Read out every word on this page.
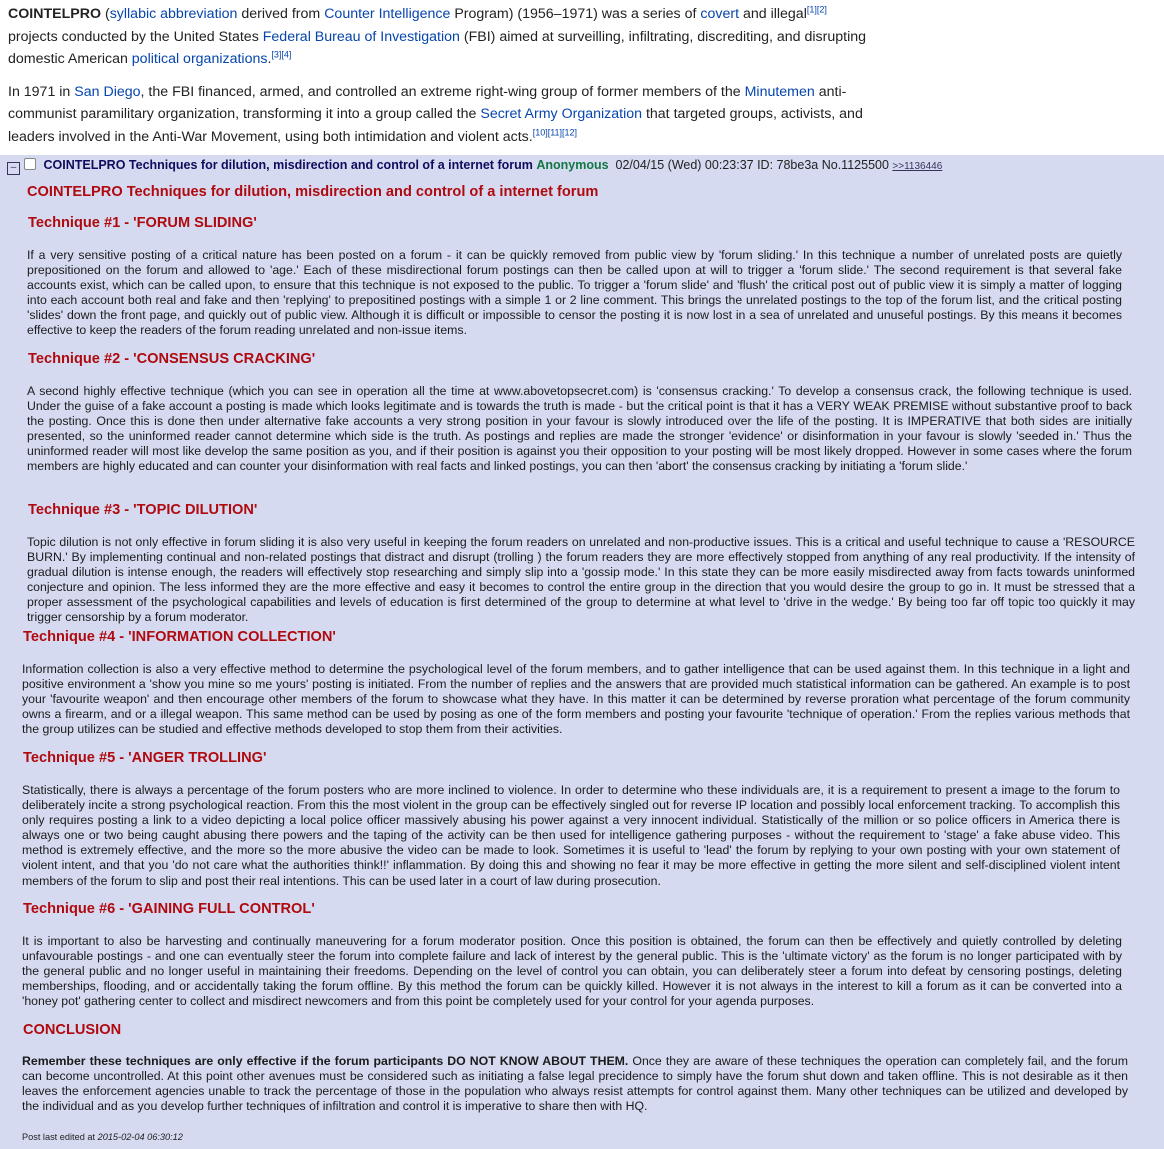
COINTELPRO (syllabic abbreviation derived from Counter Intelligence Program) (1956–1971) was a series of covert and illegal[1][2] projects conducted by the United States Federal Bureau of Investigation (FBI) aimed at surveilling, infiltrating, discrediting, and disrupting domestic American political organizations.[3][4]

In 1971 in San Diego, the FBI financed, armed, and controlled an extreme right-wing group of former members of the Minutemen anti-communist paramilitary organization, transforming it into a group called the Secret Army Organization that targeted groups, activists, and leaders involved in the Anti-War Movement, using both intimidation and violent acts.[10][11][12]

– COINTELPRO Techniques for dilution, misdirection and control of a internet forum Anonymous 02/04/15 (Wed) 00:23:37 ID: 78be3a No.1125500 >>1136446
COINTELPRO Techniques for dilution, misdirection and control of a internet forum
Technique #1 - 'FORUM SLIDING'
If a very sensitive posting of a critical nature has been posted on a forum - it can be quickly removed from public view by 'forum sliding.' In this technique a number of unrelated posts are quietly prepositioned on the forum and allowed to 'age.' Each of these misdirectional forum postings can then be called upon at will to trigger a 'forum slide.' The second requirement is that several fake accounts exist, which can be called upon, to ensure that this technique is not exposed to the public. To trigger a 'forum slide' and 'flush' the critical post out of public view it is simply a matter of logging into each account both real and fake and then 'replying' to prepositined postings with a simple 1 or 2 line comment. This brings the unrelated postings to the top of the forum list, and the critical posting 'slides' down the front page, and quickly out of public view. Although it is difficult or impossible to censor the posting it is now lost in a sea of unrelated and unuseful postings. By this means it becomes effective to keep the readers of the forum reading unrelated and non-issue items.
Technique #2 - 'CONSENSUS CRACKING'
A second highly effective technique (which you can see in operation all the time at www.abovetopsecret.com) is 'consensus cracking.' To develop a consensus crack, the following technique is used. Under the guise of a fake account a posting is made which looks legitimate and is towards the truth is made - but the critical point is that it has a VERY WEAK PREMISE without substantive proof to back the posting. Once this is done then under alternative fake accounts a very strong position in your favour is slowly introduced over the life of the posting. It is IMPERATIVE that both sides are initially presented, so the uninformed reader cannot determine which side is the truth. As postings and replies are made the stronger 'evidence' or disinformation in your favour is slowly 'seeded in.' Thus the uninformed reader will most like develop the same position as you, and if their position is against you their opposition to your posting will be most likely dropped. However in some cases where the forum members are highly educated and can counter your disinformation with real facts and linked postings, you can then 'abort' the consensus cracking by initiating a 'forum slide.'
Technique #3 - 'TOPIC DILUTION'
Topic dilution is not only effective in forum sliding it is also very useful in keeping the forum readers on unrelated and non-productive issues. This is a critical and useful technique to cause a 'RESOURCE BURN.' By implementing continual and non-related postings that distract and disrupt (trolling ) the forum readers they are more effectively stopped from anything of any real productivity. If the intensity of gradual dilution is intense enough, the readers will effectively stop researching and simply slip into a 'gossip mode.' In this state they can be more easily misdirected away from facts towards uninformed conjecture and opinion. The less informed they are the more effective and easy it becomes to control the entire group in the direction that you would desire the group to go in. It must be stressed that a proper assessment of the psychological capabilities and levels of education is first determined of the group to determine at what level to 'drive in the wedge.' By being too far off topic too quickly it may trigger censorship by a forum moderator.
Technique #4 - 'INFORMATION COLLECTION'
Information collection is also a very effective method to determine the psychological level of the forum members, and to gather intelligence that can be used against them. In this technique in a light and positive environment a 'show you mine so me yours' posting is initiated. From the number of replies and the answers that are provided much statistical information can be gathered. An example is to post your 'favourite weapon' and then encourage other members of the forum to showcase what they have. In this matter it can be determined by reverse proration what percentage of the forum community owns a firearm, and or a illegal weapon. This same method can be used by posing as one of the form members and posting your favourite 'technique of operation.' From the replies various methods that the group utilizes can be studied and effective methods developed to stop them from their activities.
Technique #5 - 'ANGER TROLLING'
Statistically, there is always a percentage of the forum posters who are more inclined to violence. In order to determine who these individuals are, it is a requirement to present a image to the forum to deliberately incite a strong psychological reaction. From this the most violent in the group can be effectively singled out for reverse IP location and possibly local enforcement tracking. To accomplish this only requires posting a link to a video depicting a local police officer massively abusing his power against a very innocent individual. Statistically of the million or so police officers in America there is always one or two being caught abusing there powers and the taping of the activity can be then used for intelligence gathering purposes - without the requirement to 'stage' a fake abuse video. This method is extremely effective, and the more so the more abusive the video can be made to look. Sometimes it is useful to 'lead' the forum by replying to your own posting with your own statement of violent intent, and that you 'do not care what the authorities think!!' inflammation. By doing this and showing no fear it may be more effective in getting the more silent and self-disciplined violent intent members of the forum to slip and post their real intentions. This can be used later in a court of law during prosecution.
Technique #6 - 'GAINING FULL CONTROL'
It is important to also be harvesting and continually maneuvering for a forum moderator position. Once this position is obtained, the forum can then be effectively and quietly controlled by deleting unfavourable postings - and one can eventually steer the forum into complete failure and lack of interest by the general public. This is the 'ultimate victory' as the forum is no longer participated with by the general public and no longer useful in maintaining their freedoms. Depending on the level of control you can obtain, you can deliberately steer a forum into defeat by censoring postings, deleting memberships, flooding, and or accidentally taking the forum offline. By this method the forum can be quickly killed. However it is not always in the interest to kill a forum as it can be converted into a 'honey pot' gathering center to collect and misdirect newcomers and from this point be completely used for your control for your agenda purposes.
CONCLUSION
Remember these techniques are only effective if the forum participants DO NOT KNOW ABOUT THEM. Once they are aware of these techniques the operation can completely fail, and the forum can become uncontrolled. At this point other avenues must be considered such as initiating a false legal precidence to simply have the forum shut down and taken offline. This is not desirable as it then leaves the enforcement agencies unable to track the percentage of those in the population who always resist attempts for control against them. Many other techniques can be utilized and developed by the individual and as you develop further techniques of infiltration and control it is imperative to share then with HQ.
Post last edited at 2015-02-04 06:30:12
